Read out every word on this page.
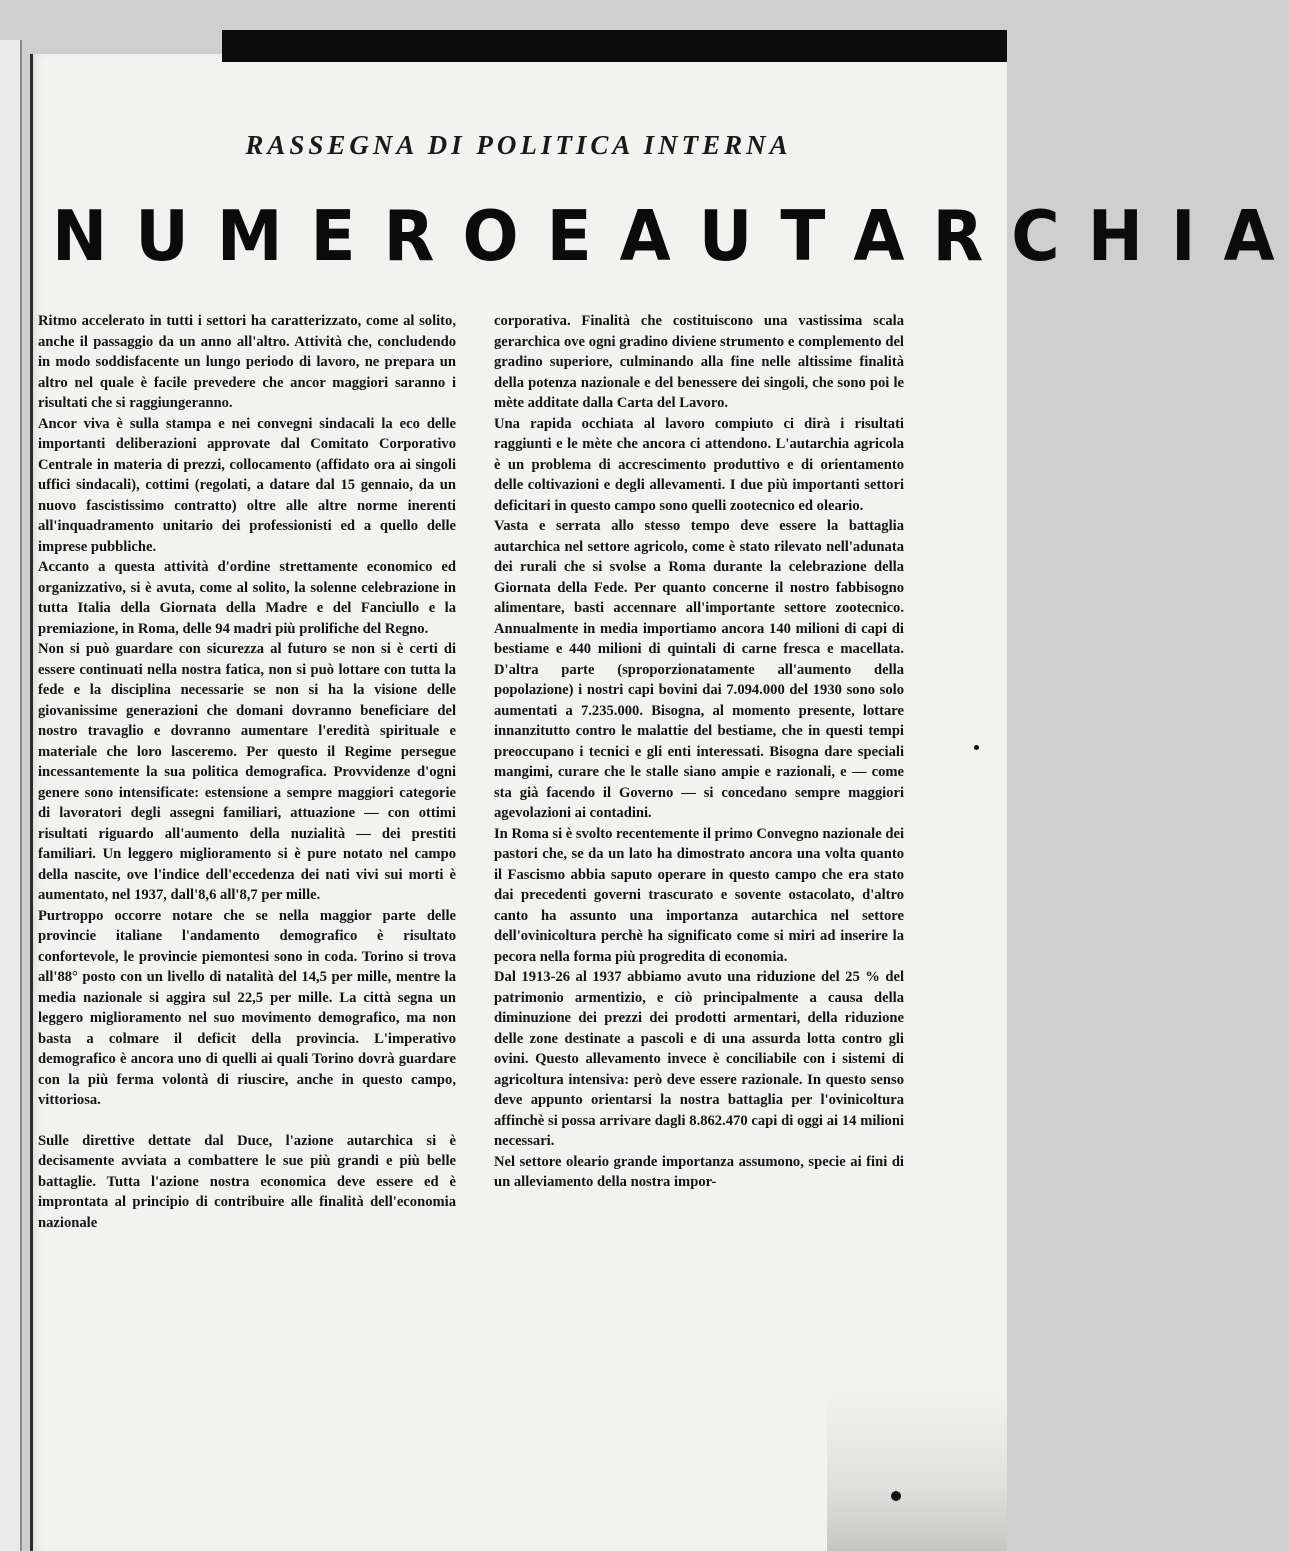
RASSEGNA DI POLITICA INTERNA
N U M E R O E A U T A R C H I A

Ritmo accelerato in tutti i settori ha caratterizzato, come al solito, anche il passaggio da un anno all'altro. Attività che, concludendo in modo soddisfacente un lungo periodo di lavoro, ne prepara un altro nel quale è facile prevedere che ancor maggiori saranno i risultati che si raggiungeranno.

Ancor viva è sulla stampa e nei convegni sindacali la eco delle importanti deliberazioni approvate dal Comitato Corporativo Centrale in materia di prezzi, collocamento (affidato ora ai singoli uffici sindacali), cottimi (regolati, a datare dal 15 gennaio, da un nuovo fascistissimo contratto) oltre alle altre norme inerenti all'inquadramento unitario dei professionisti ed a quello delle imprese pubbliche.

Accanto a questa attività d'ordine strettamente economico ed organizzativo, si è avuta, come al solito, la solenne celebrazione in tutta Italia della Giornata della Madre e del Fanciullo e la premiazione, in Roma, delle 94 madri più prolifiche del Regno.

Non si può guardare con sicurezza al futuro se non si è certi di essere continuati nella nostra fatica, non si può lottare con tutta la fede e la disciplina necessarie se non si ha la visione delle giovanissime generazioni che domani dovranno beneficiare del nostro travaglio e dovranno aumentare l'eredità spirituale e materiale che loro lasceremo. Per questo il Regime persegue incessantemente la sua politica demografica. Provvidenze d'ogni genere sono intensificate: estensione a sempre maggiori categorie di lavoratori degli assegni familiari, attuazione — con ottimi risultati riguardo all'aumento della nuzialità — dei prestiti familiari. Un leggero miglioramento si è pure notato nel campo della nascite, ove l'indice dell'eccedenza dei nati vivi sui morti è aumentato, nel 1937, dall'8,6 all'8,7 per mille.

Purtroppo occorre notare che se nella maggior parte delle provincie italiane l'andamento demografico è risultato confortevole, le provincie piemontesi sono in coda. Torino si trova all'88° posto con un livello di natalità del 14,5 per mille, mentre la media nazionale si aggira sul 22,5 per mille. La città segna un leggero miglioramento nel suo movimento demografico, ma non basta a colmare il deficit della provincia. L'imperativo demografico è ancora uno di quelli ai quali Torino dovrà guardare con la più ferma volontà di riuscire, anche in questo campo, vittoriosa.

Sulle direttive dettate dal Duce, l'azione autarchica si è decisamente avviata a combattere le sue più grandi e più belle battaglie. Tutta l'azione nostra economica deve essere ed è improntata al principio di contribuire alle finalità dell'economia nazionale

corporativa. Finalità che costituiscono una vastissima scala gerarchica ove ogni gradino diviene strumento e complemento del gradino superiore, culminando alla fine nelle altissime finalità della potenza nazionale e del benessere dei singoli, che sono poi le mète additate dalla Carta del Lavoro.

Una rapida occhiata al lavoro compiuto ci dirà i risultati raggiunti e le mète che ancora ci attendono. L'autarchia agricola è un problema di accrescimento produttivo e di orientamento delle coltivazioni e degli allevamenti. I due più importanti settori deficitari in questo campo sono quelli zootecnico ed oleario.

Vasta e serrata allo stesso tempo deve essere la battaglia autarchica nel settore agricolo, come è stato rilevato nell'adunata dei rurali che si svolse a Roma durante la celebrazione della Giornata della Fede. Per quanto concerne il nostro fabbisogno alimentare, basti accennare all'importante settore zootecnico. Annualmente in media importiamo ancora 140 milioni di capi di bestiame e 440 milioni di quintali di carne fresca e macellata. D'altra parte (sproporzionatamente all'aumento della popolazione) i nostri capi bovini dai 7.094.000 del 1930 sono solo aumentati a 7.235.000. Bisogna, al momento presente, lottare innanzitutto contro le malattie del bestiame, che in questi tempi preoccupano i tecnici e gli enti interessati. Bisogna dare speciali mangimi, curare che le stalle siano ampie e razionali, e — come sta già facendo il Governo — si concedano sempre maggiori agevolazioni ai contadini.

In Roma si è svolto recentemente il primo Convegno nazionale dei pastori che, se da un lato ha dimostrato ancora una volta quanto il Fascismo abbia saputo operare in questo campo che era stato dai precedenti governi trascurato e sovente ostacolato, d'altro canto ha assunto una importanza autarchica nel settore dell'ovinicoltura perchè ha significato come si miri ad inserire la pecora nella forma più progredita di economia.

Dal 1913-26 al 1937 abbiamo avuto una riduzione del 25 % del patrimonio armentizio, e ciò principalmente a causa della diminuzione dei prezzi dei prodotti armentari, della riduzione delle zone destinate a pascoli e di una assurda lotta contro gli ovini. Questo allevamento invece è conciliabile con i sistemi di agricoltura intensiva: però deve essere razionale. In questo senso deve appunto orientarsi la nostra battaglia per l'ovinicoltura affinchè si possa arrivare dagli 8.862.470 capi di oggi ai 14 milioni necessari.

Nel settore oleario grande importanza assumono, specie ai fini di un alleviamento della nostra impor-
